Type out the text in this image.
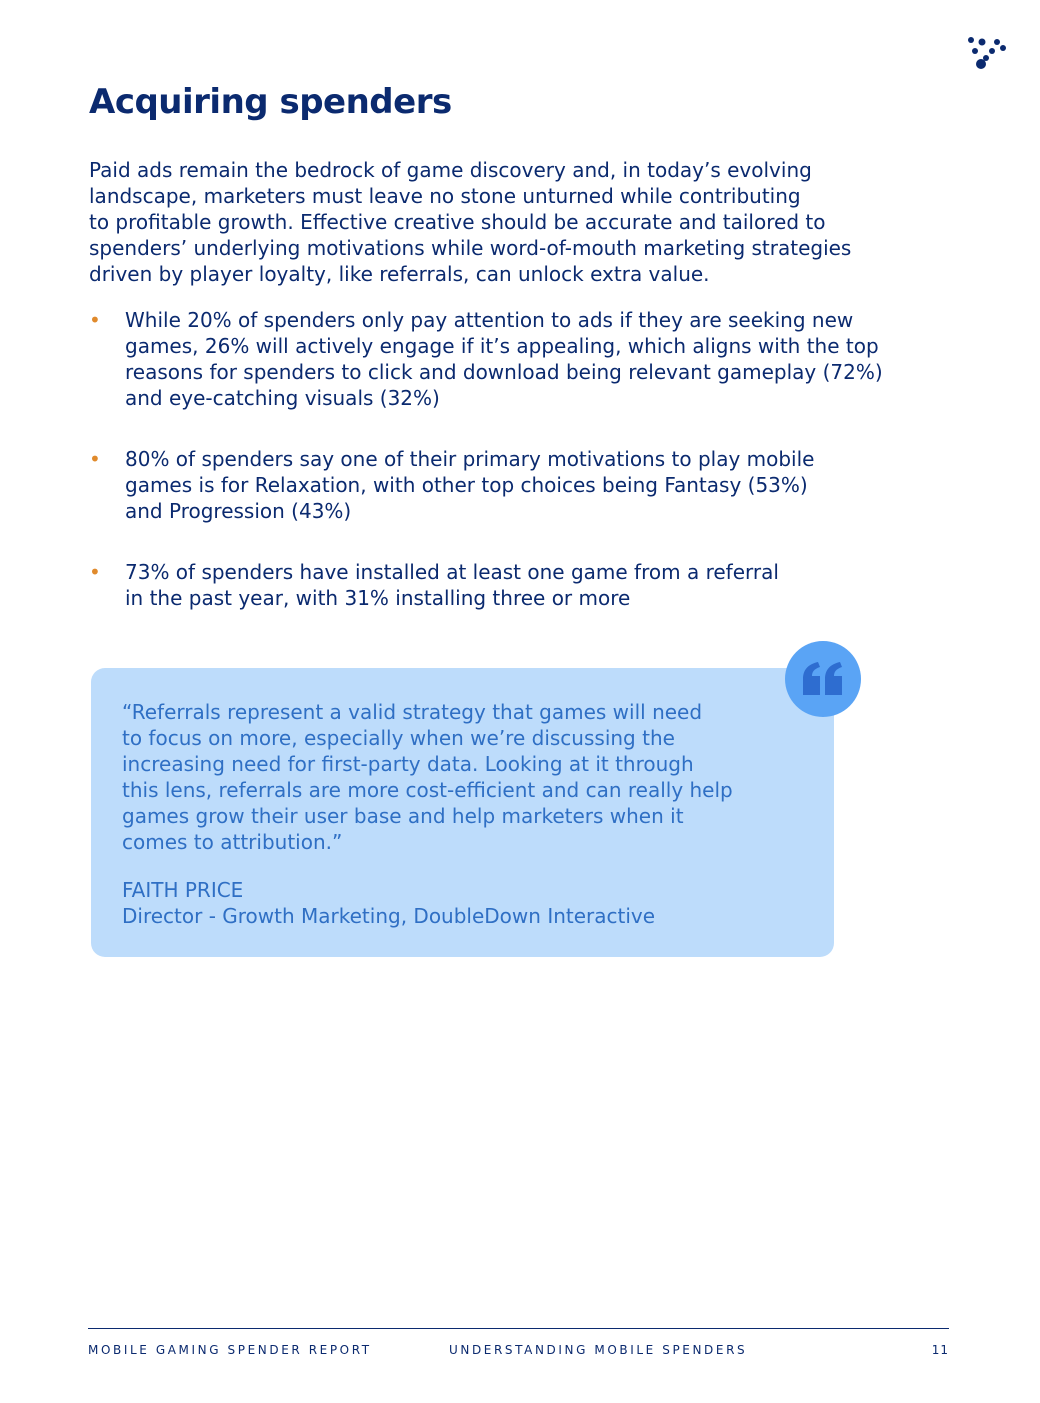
Acquiring spenders

Paid ads remain the bedrock of game discovery and, in today’s evolving
landscape, marketers must leave no stone unturned while contributing
to profitable growth. Effective creative should be accurate and tailored to
spenders’ underlying motivations while word-of-mouth marketing strategies
driven by player loyalty, like referrals, can unlock extra value.

• While 20% of spenders only pay attention to ads if they are seeking new
games, 26% will actively engage if it’s appealing, which aligns with the top
reasons for spenders to click and download being relevant gameplay (72%)
and eye-catching visuals (32%)
• 80% of spenders say one of their primary motivations to play mobile
games is for Relaxation, with other top choices being Fantasy (53%)
and Progression (43%)
• 73% of spenders have installed at least one game from a referral
in the past year, with 31% installing three or more

“Referrals represent a valid strategy that games will need
to focus on more, especially when we’re discussing the
increasing need for first-party data. Looking at it through
this lens, referrals are more cost-efficient and can really help
games grow their user base and help marketers when it
comes to attribution.”

FAITH PRICE
Director - Growth Marketing, DoubleDown Interactive
MOBILE GAMING SPENDER REPORT	UNDERSTANDING MOBILE SPENDERS	11
